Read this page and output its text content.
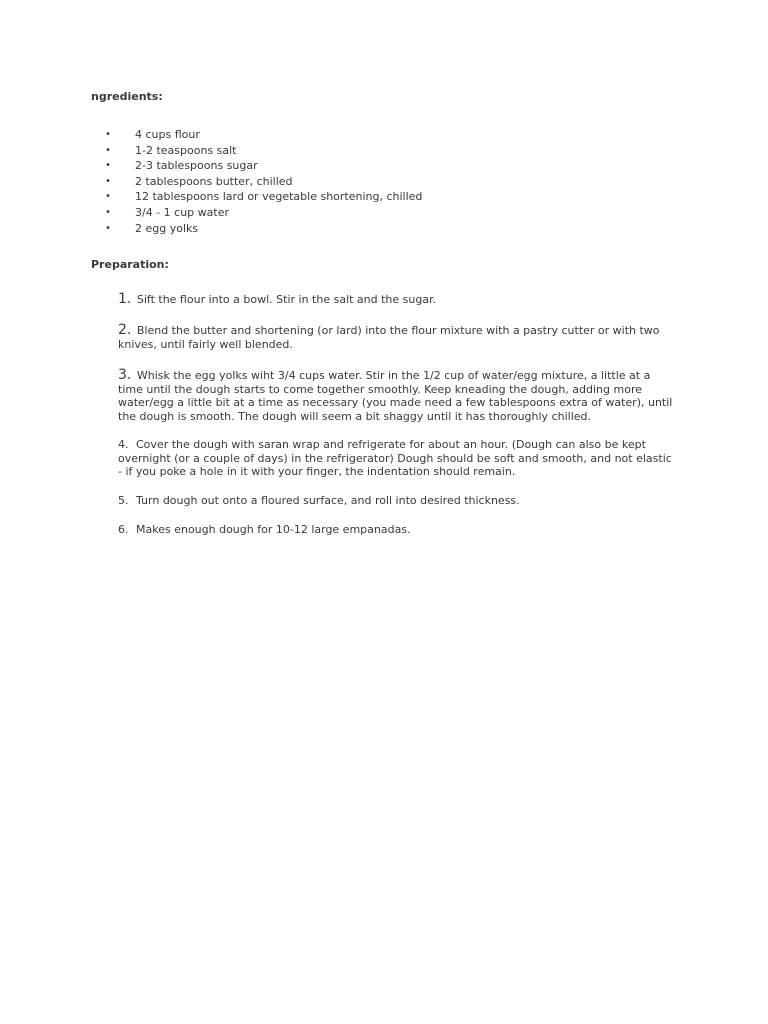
ngredients:
• 4 cups flour
• 1-2 teaspoons salt
• 2-3 tablespoons sugar
• 2 tablespoons butter, chilled
• 12 tablespoons lard or vegetable shortening, chilled
• 3/4 - 1 cup water
• 2 egg yolks
Preparation:
1. Sift the flour into a bowl. Stir in the salt and the sugar.
2. Blend the butter and shortening (or lard) into the flour mixture with a pastry cutter or with two knives, until fairly well blended.
3. Whisk the egg yolks wiht 3/4 cups water. Stir in the 1/2 cup of water/egg mixture, a little at a time until the dough starts to come together smoothly. Keep kneading the dough, adding more water/egg a little bit at a time as necessary (you made need a few tablespoons extra of water), until the dough is smooth. The dough will seem a bit shaggy until it has thoroughly chilled.
4. Cover the dough with saran wrap and refrigerate for about an hour. (Dough can also be kept overnight (or a couple of days) in the refrigerator) Dough should be soft and smooth, and not elastic - if you poke a hole in it with your finger, the indentation should remain.
5. Turn dough out onto a floured surface, and roll into desired thickness.
6. Makes enough dough for 10-12 large empanadas.
